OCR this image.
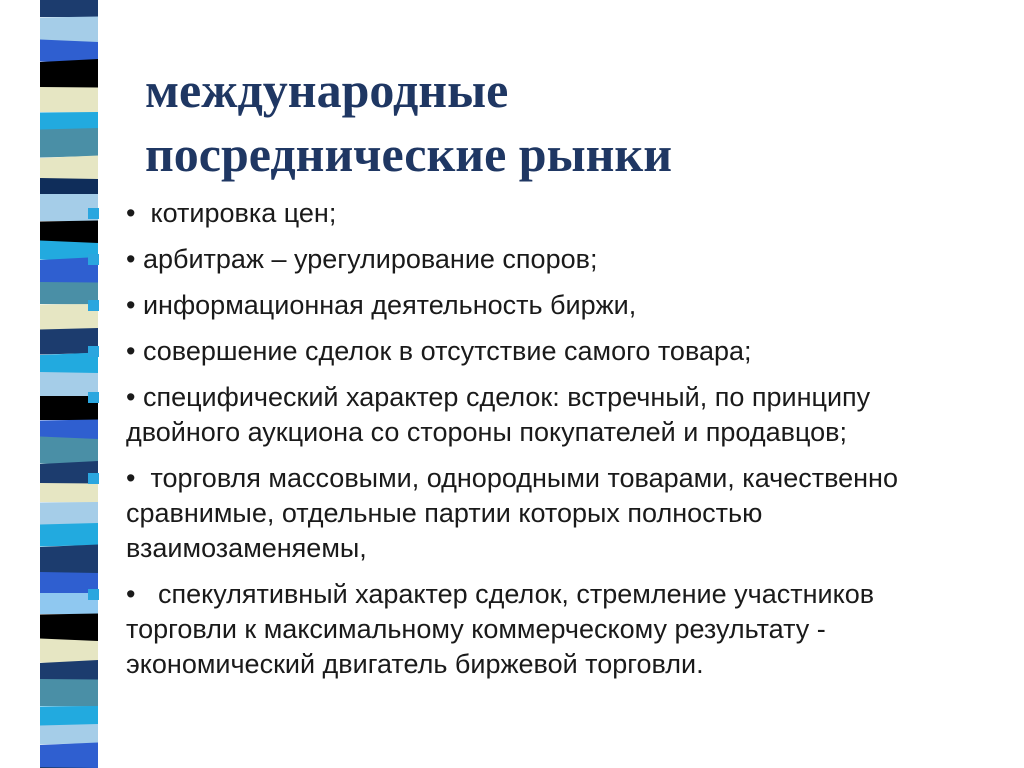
международные
посреднические рынки
•  котировка цен;
• арбитраж – урегулирование споров;
• информационная деятельность биржи,
• совершение сделок в отсутствие самого товара;
• специфический характер сделок: встречный, по принципу двойного аукциона со стороны покупателей и продавцов;
•  торговля массовыми, однородными товарами, качественно сравнимые, отдельные партии которых полностью взаимозаменяемы,
•   спекулятивный характер сделок, стремление участников торговли к максимальному коммерческому результату - экономический двигатель биржевой торговли.
